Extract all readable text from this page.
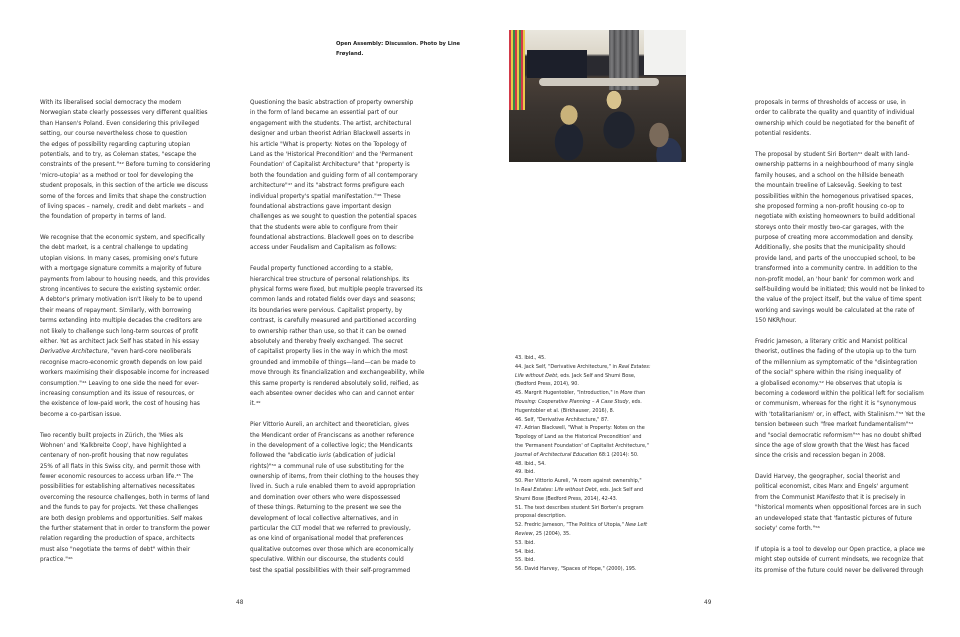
With its liberalised social democracy the modern
Norwegian state clearly possesses very different qualities
than Hansen's Poland. Even considering this privileged
setting, our course nevertheless chose to question
the edges of possibility regarding capturing utopian
potentials, and to try, as Coleman states, "escape the
constraints of the present."⁴² Before turning to considering
'micro-utopia' as a method or tool for developing the
student proposals, in this section of the article we discuss
some of the forces and limits that shape the construction
of living spaces – namely, credit and debt markets – and
the foundation of property in terms of land.
We recognise that the economic system, and specifically
the debt market, is a central challenge to updating
utopian visions. In many cases, promising one's future
with a mortgage signature commits a majority of future
payments from labour to housing needs, and this provides
strong incentives to secure the existing systemic order.
A debtor's primary motivation isn't likely to be to upend
their means of repayment. Similarly, with borrowing
terms extending into multiple decades the creditors are
not likely to challenge such long-term sources of profit
either. Yet as architect Jack Self has stated in his essay
Derivative Architecture, "even hard-core neoliberals
recognise macro-economic growth depends on low paid
workers maximising their disposable income for increased
consumption."⁴⁴ Leaving to one side the need for ever-
increasing consumption and its issue of resources, or
the existence of low-paid work, the cost of housing has
become a co-partisan issue.
Two recently built projects in Zürich, the 'Mies als
Wohnen' and 'Kalkbreite Coop', have highlighted a
centenary of non-profit housing that now regulates
25% of all flats in this Swiss city, and permit those with
fewer economic resources to access urban life.⁴⁵ The
possibilities for establishing alternatives necessitates
overcoming the resource challenges, both in terms of land
and the funds to pay for projects. Yet these challenges
are both design problems and opportunities. Self makes
the further statement that in order to transform the power
relation regarding the production of space, architects
must also "negotiate the terms of debt" within their
practice."⁴⁶
Questioning the basic abstraction of property ownership
in the form of land became an essential part of our
engagement with the students. The artist, architectural
designer and urban theorist Adrian Blackwell asserts in
his article "What is property: Notes on the Topology of
Land as the 'Historical Precondition' and the 'Permanent
Foundation' of Capitalist Architecture" that "property is
both the foundation and guiding form of all contemporary
architecture"⁴⁷ and its "abstract forms prefigure each
individual property's spatial manifestation."⁴⁸ These
foundational abstractions gave important design
challenges as we sought to question the potential spaces
that the students were able to configure from their
foundational abstractions. Blackwell goes on to describe
access under Feudalism and Capitalism as follows:
Feudal property functioned according to a stable,
hierarchical tree structure of personal relationships. Its
physical forms were fixed, but multiple people traversed its
common lands and rotated fields over days and seasons;
its boundaries were pervious. Capitalist property, by
contrast, is carefully measured and partitioned according
to ownership rather than use, so that it can be owned
absolutely and thereby freely exchanged. The secret
of capitalist property lies in the way in which the most
grounded and immobile of things—land—can be made to
move through its financialization and exchangeability, while
this same property is rendered absolutely solid, reified, as
each absentee owner decides who can and cannot enter
it.⁴⁹
Pier Vittorio Aureli, an architect and theoretician, gives
the Mendicant order of Franciscans as another reference
in the development of a collective logic; the Mendicants
followed the "abdicatio iuris (abdication of judicial
rights)"⁵⁰ a communal rule of use substituting for the
ownership of items, from their clothing to the houses they
lived in. Such a rule enabled them to avoid appropriation
and domination over others who were dispossessed
of these things. Returning to the present we see the
development of local collective alternatives, and in
particular the CLT model that we referred to previously,
as one kind of organisational model that preferences
qualitative outcomes over those which are economically
speculative. Within our discourse, the students could
test the spatial possibilities with their self-programmed
Open Assembly: Discussion. Photo by Line
Frøyland.
43. Ibid., 45.
44. Jack Self, "Derivative Architecture," in Real Estates:
Life without Debt, eds. Jack Self and Shumi Bose,
(Bedford Press, 2014), 90.
45. Margrit Hugentobler, "Introduction," in More than
Housing: Cooperative Planning – A Case Study, eds.
Hugentobler et al. (Birkhauser, 2016), 8.
46. Self, "Derivative Architecture," 87.
47. Adrian Blackwell, "What is Property: Notes on the
Topology of Land as the Historical Precondition' and
the 'Permanent Foundation' of Capitalist Architecture,"
Journal of Architectural Education 68:1 (2014): 50.
48. Ibid., 54.
49. Ibid.
50. Pier Vittorio Aureli, "A room against ownership,"
In Real Estates: Life without Debt, eds. Jack Self and
Shumi Bose (Bedford Press, 2014), 42-43.
51. The text describes student Siri Borten's program
proposal description.
52. Fredric Jameson, "The Politics of Utopia," New Left
Review, 25 (2004), 35.
53. Ibid.
54. Ibid.
55. Ibid.
56. David Harvey, "Spaces of Hope," (2000), 195.
proposals in terms of thresholds of access or use, in
order to calibrate the quality and quantity of individual
ownership which could be negotiated for the benefit of
potential residents.
The proposal by student Siri Borten⁵¹ dealt with land-
ownership patterns in a neighbourhood of many single
family houses, and a school on the hillside beneath
the mountain treeline of Laksevåg. Seeking to test
possibilities within the homogenous privatised spaces,
she proposed forming a non-profit housing co-op to
negotiate with existing homeowners to build additional
storeys onto their mostly two-car garages, with the
purpose of creating more accommodation and density.
Additionally, she posits that the municipality should
provide land, and parts of the unoccupied school, to be
transformed into a community centre. In addition to the
non-profit model, an 'hour bank' for common work and
self-building would be initiated; this would not be linked to
the value of the project itself, but the value of time spent
working and savings would be calculated at the rate of
150 NKR/hour.
Fredric Jameson, a literary critic and Marxist political
theorist, outlines the fading of the utopia up to the turn
of the millennium as symptomatic of the "disintegration
of the social" sphere within the rising inequality of
a globalised economy.⁵² He observes that utopia is
becoming a codeword within the political left for socialism
or communism, whereas for the right it is "synonymous
with 'totalitarianism' or, in effect, with Stalinism."⁵³ Yet the
tension between such "free market fundamentalism"⁵⁴
and "social democratic reformism"⁵⁵ has no doubt shifted
since the age of slow growth that the West has faced
since the crisis and recession began in 2008.
David Harvey, the geographer, social theorist and
political economist, cites Marx and Engels' argument
from the Communist Manifesto that it is precisely in
"historical moments when oppositional forces are in such
an undeveloped state that 'fantastic pictures of future
society' come forth."⁵⁶
If utopia is a tool to develop our Open practice, a place we
might step outside of current mindsets, we recognize that
its promise of the future could never be delivered through
48	49
